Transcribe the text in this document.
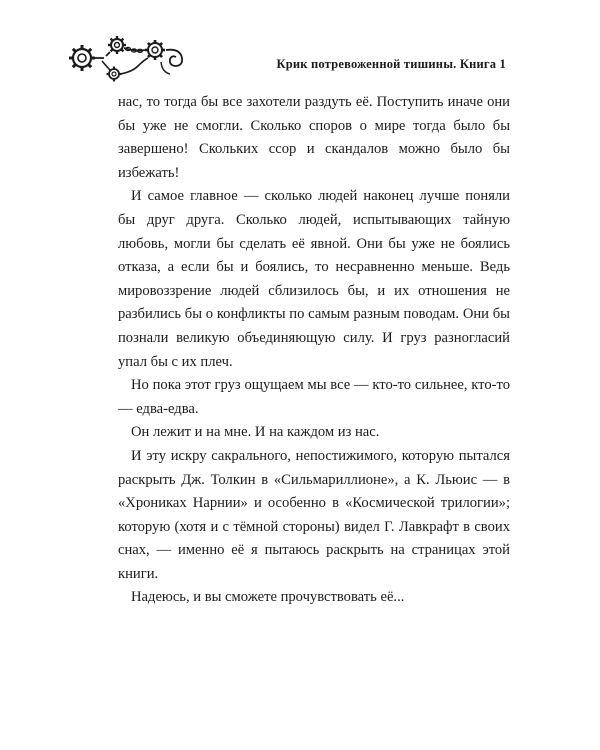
Крик потревоженной тишины. Книга 1

нас, то тогда бы все захотели раздуть её. Поступить иначе они бы уже не смогли. Сколько споров о мире тогда было бы завершено! Скольких ссор и скандалов можно было бы избежать!

И самое главное — сколько людей наконец лучше поняли бы друг друга. Сколько людей, испытывающих тайную любовь, могли бы сделать её явной. Они бы уже не боялись отказа, а если бы и боялись, то несравненно меньше. Ведь мировоззрение людей сблизилось бы, и их отношения не разбились бы о конфликты по самым разным поводам. Они бы познали великую объединяющую силу. И груз разногласий упал бы с их плеч.

Но пока этот груз ощущаем мы все — кто-то сильнее, кто-то — едва-едва.

Он лежит и на мне. И на каждом из нас.

И эту искру сакрального, непостижимого, которую пытался раскрыть Дж. Толкин в «Сильмариллионе», а К. Льюис — в «Хрониках Нарнии» и особенно в «Космической трилогии»; которую (хотя и с тёмной стороны) видел Г. Лавкрафт в своих снах, — именно её я пытаюсь раскрыть на страницах этой книги.

Надеюсь, и вы сможете прочувствовать её...
